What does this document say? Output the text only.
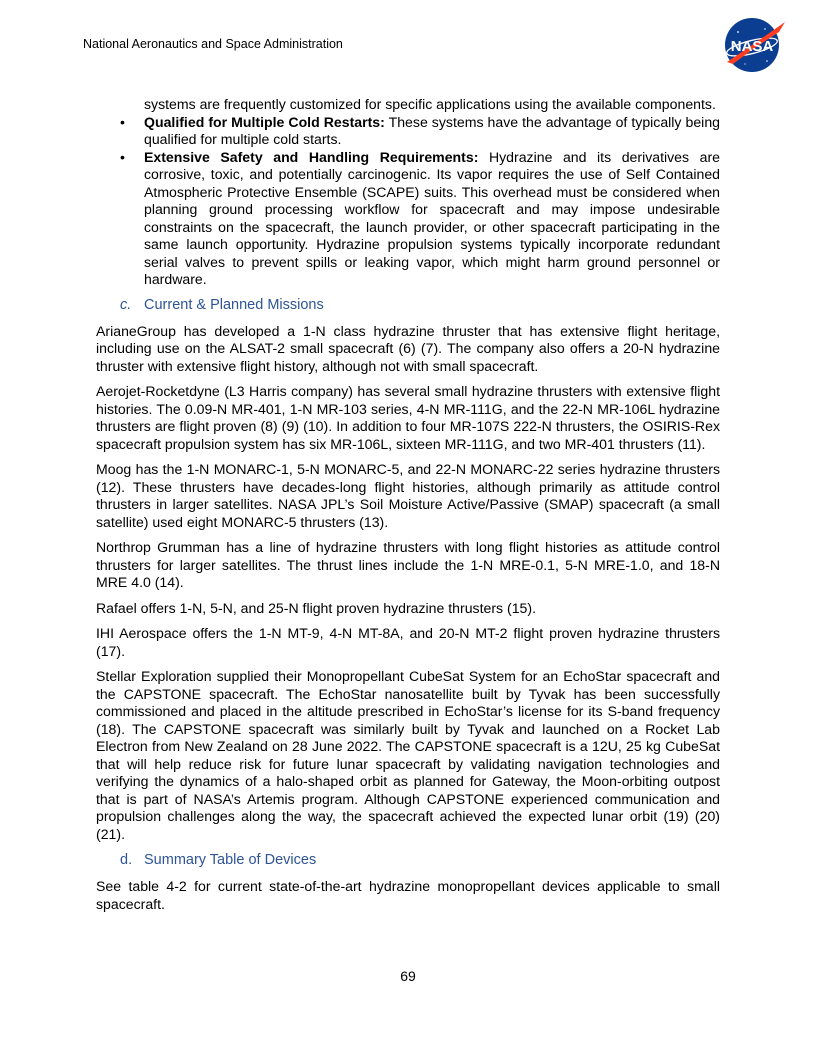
National Aeronautics and Space Administration	NASA

systems are frequently customized for specific applications using the available components.

• Qualified for Multiple Cold Restarts: These systems have the advantage of typically being qualified for multiple cold starts.
• Extensive Safety and Handling Requirements: Hydrazine and its derivatives are corrosive, toxic, and potentially carcinogenic. Its vapor requires the use of Self Contained Atmospheric Protective Ensemble (SCAPE) suits. This overhead must be considered when planning ground processing workflow for spacecraft and may impose undesirable constraints on the spacecraft, the launch provider, or other spacecraft participating in the same launch opportunity. Hydrazine propulsion systems typically incorporate redundant serial valves to prevent spills or leaking vapor, which might harm ground personnel or hardware.
c. Current & Planned Missions

ArianeGroup has developed a 1-N class hydrazine thruster that has extensive flight heritage, including use on the ALSAT-2 small spacecraft (6) (7). The company also offers a 20-N hydrazine thruster with extensive flight history, although not with small spacecraft.

Aerojet-Rocketdyne (L3 Harris company) has several small hydrazine thrusters with extensive flight histories. The 0.09-N MR-401, 1-N MR-103 series, 4-N MR-111G, and the 22-N MR-106L hydrazine thrusters are flight proven (8) (9) (10). In addition to four MR-107S 222-N thrusters, the OSIRIS-Rex spacecraft propulsion system has six MR-106L, sixteen MR-111G, and two MR-401 thrusters (11).

Moog has the 1-N MONARC-1, 5-N MONARC-5, and 22-N MONARC-22 series hydrazine thrusters (12). These thrusters have decades-long flight histories, although primarily as attitude control thrusters in larger satellites. NASA JPL’s Soil Moisture Active/Passive (SMAP) spacecraft (a small satellite) used eight MONARC-5 thrusters (13).

Northrop Grumman has a line of hydrazine thrusters with long flight histories as attitude control thrusters for larger satellites. The thrust lines include the 1-N MRE-0.1, 5-N MRE-1.0, and 18-N MRE 4.0 (14).

Rafael offers 1-N, 5-N, and 25-N flight proven hydrazine thrusters (15).

IHI Aerospace offers the 1-N MT-9, 4-N MT-8A, and 20-N MT-2 flight proven hydrazine thrusters (17).

Stellar Exploration supplied their Monopropellant CubeSat System for an EchoStar spacecraft and the CAPSTONE spacecraft. The EchoStar nanosatellite built by Tyvak has been successfully commissioned and placed in the altitude prescribed in EchoStar’s license for its S-band frequency (18). The CAPSTONE spacecraft was similarly built by Tyvak and launched on a Rocket Lab Electron from New Zealand on 28 June 2022. The CAPSTONE spacecraft is a 12U, 25 kg CubeSat that will help reduce risk for future lunar spacecraft by validating navigation technologies and verifying the dynamics of a halo-shaped orbit as planned for Gateway, the Moon-orbiting outpost that is part of NASA’s Artemis program. Although CAPSTONE experienced communication and propulsion challenges along the way, the spacecraft achieved the expected lunar orbit (19) (20) (21).

d. Summary Table of Devices

See table 4-2 for current state-of-the-art hydrazine monopropellant devices applicable to small spacecraft.

69
